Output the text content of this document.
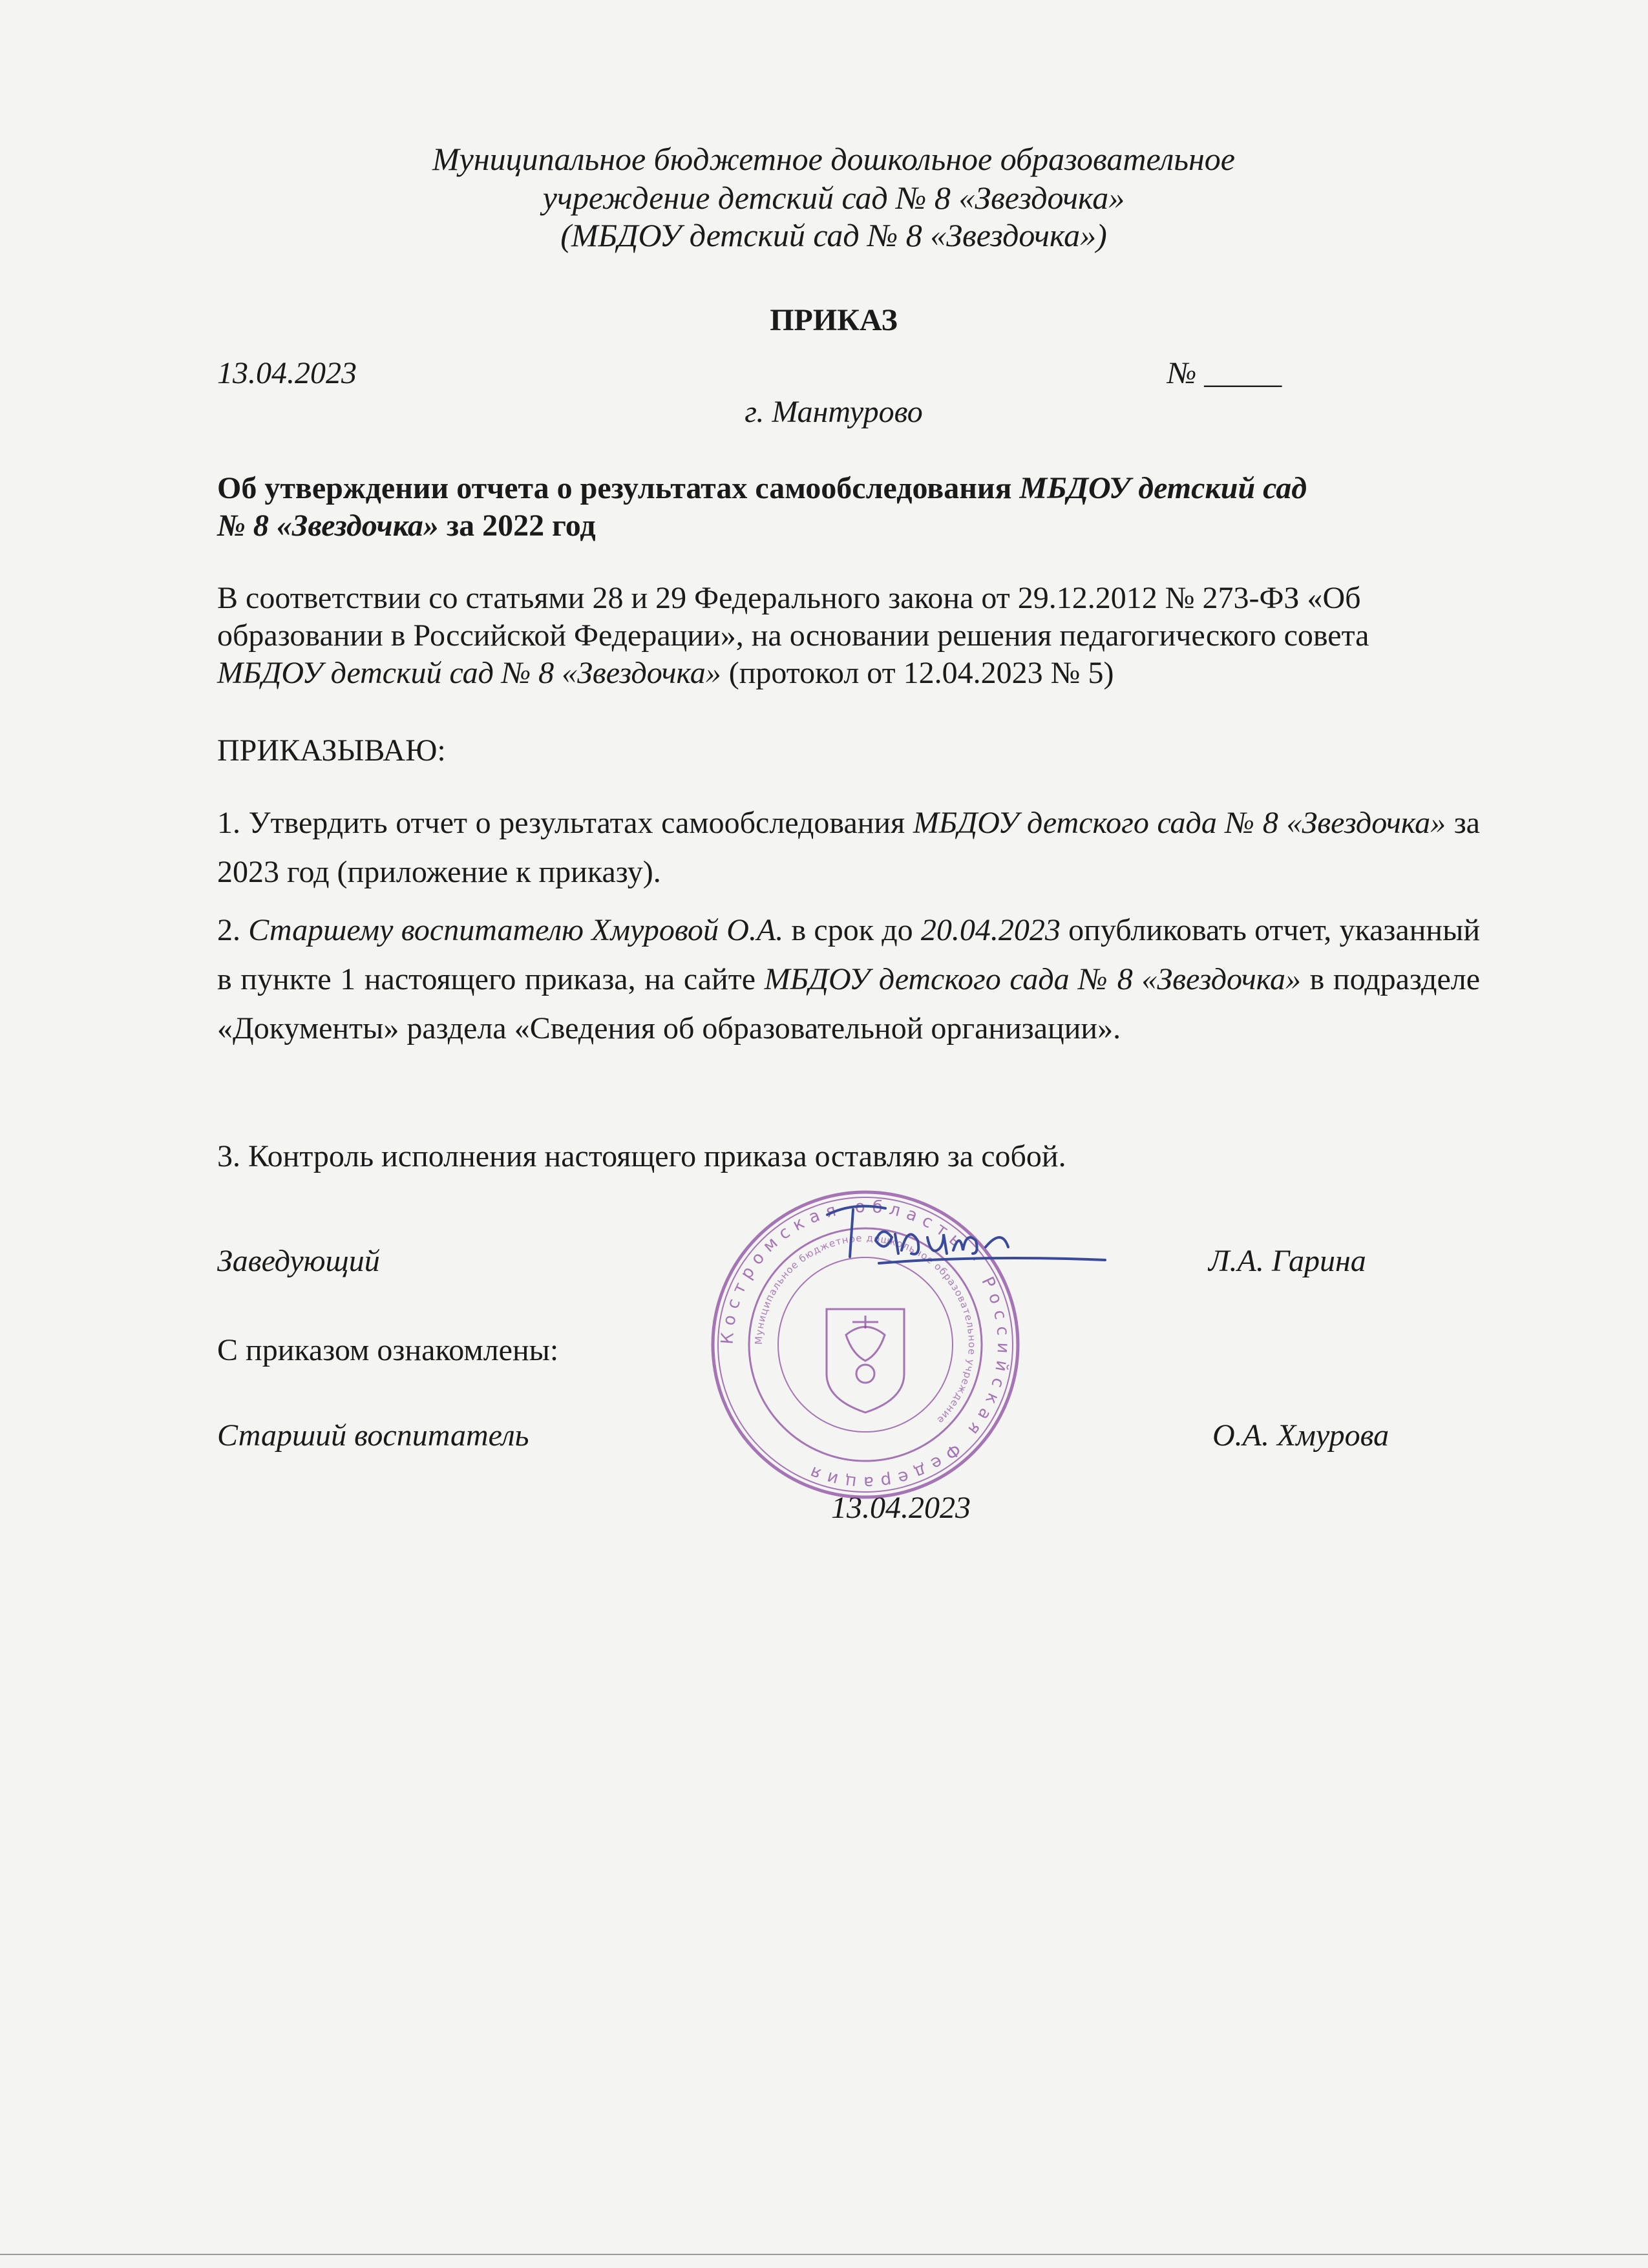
Муниципальное бюджетное дошкольное образовательное
учреждение детский сад № 8 «Звездочка»
(МБДОУ детский сад № 8 «Звездочка»)
ПРИКАЗ
13.04.2023	№ _____
г. Мантурово
Об утверждении отчета о результатах самообследования МБДОУ детский сад
№ 8 «Звездочка» за 2022 год
В соответствии со статьями 28 и 29 Федерального закона от 29.12.2012 № 273-ФЗ «Об
образовании в Российской Федерации», на основании решения педагогического совета
МБДОУ детский сад № 8 «Звездочка» (протокол от 12.04.2023 № 5)
ПРИКАЗЫВАЮ:
1. Утвердить отчет о результатах самообследования МБДОУ детского сада № 8 «Звездочка» за 2023 год (приложение к приказу).
2. Старшему воспитателю Хмуровой О.А. в срок до 20.04.2023 опубликовать отчет, указанный в пункте 1 настоящего приказа, на сайте МБДОУ детского сада № 8 «Звездочка» в подразделе «Документы» раздела «Сведения об образовательной организации».
3. Контроль исполнения настоящего приказа оставляю за собой.
Заведующий	Л.А. Гарина
С приказом ознакомлены:
Старший воспитатель	О.А. Хмурова
13.04.2023
Костромская область · Российская Федерация
Муниципальное бюджетное дошкольное образовательное учреждение
